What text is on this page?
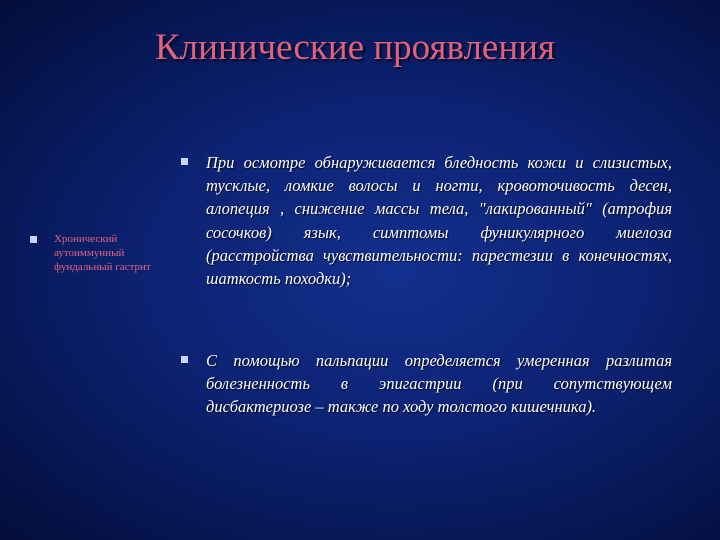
Клинические проявления
Хронический аутоиммунный фундальный гастрит
При осмотре обнаруживается бледность кожи и слизистых, тусклые, ломкие волосы и ногти, кровоточивость десен, алопеция , снижение массы тела, "лакированный" (атрофия сосочков) язык, симптомы фуникулярного миелоза (расстройства чувствительности: парестезии в конечностях, шаткость походки);
С помощью пальпации определяется умеренная разлитая болезненность в эпигастрии (при сопутствующем дисбактериозе – также по ходу толстого кишечника).
